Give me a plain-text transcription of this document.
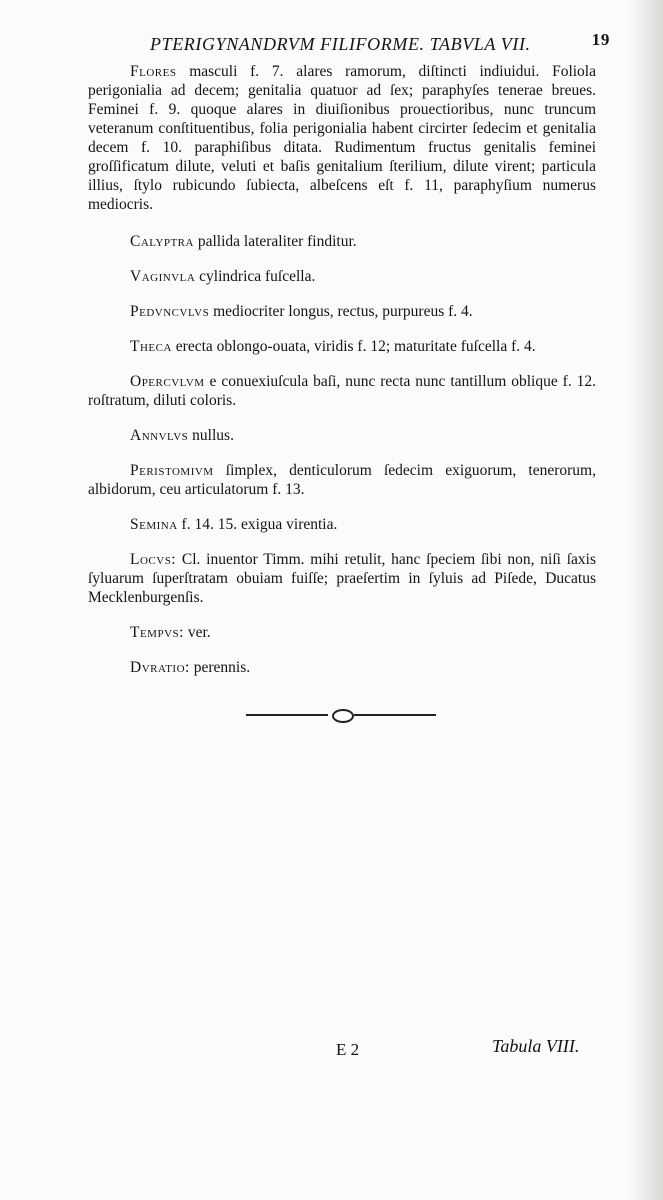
PTERIGYNANDRVM FILIFORME. TABVLA VII.	19

Flores masculi f. 7. alares ramorum, diſtincti indiuidui. Foliola perigonialia ad decem; genitalia quatuor ad ſex; paraphyſes tenerae breues. Feminei f. 9. quoque alares in diuiſionibus prouectioribus, nunc truncum veteranum conſtituentibus, folia perigonialia habent circirter ſedecim et genitalia decem f. 10. paraphiſibus ditata. Rudimentum fructus genitalis feminei groſſificatum dilute, veluti et baſis genitalium ſterilium, dilute virent; particula illius, ſtylo rubicundo ſubiecta, albeſcens eſt f. 11, paraphyſium numerus mediocris.

Calyptra pallida lateraliter finditur.

Vaginvla cylindrica fuſcella.

Pedvncvlvs mediocriter longus, rectus, purpureus f. 4.

Theca erecta oblongo-ouata, viridis f. 12; maturitate fuſcella f. 4.

Opercvlvm e conuexiuſcula baſi, nunc recta nunc tantillum oblique f. 12. roſtratum, diluti coloris.

Annvlvs nullus.

Peristomivm ſimplex, denticulorum ſedecim exiguorum, tenerorum, albidorum, ceu articulatorum f. 13.

Semina f. 14. 15. exigua virentia.

Locvs: Cl. inuentor Timm. mihi retulit, hanc ſpeciem ſibi non, niſi ſaxis ſyluarum ſuperſtratam obuiam fuiſſe; praeſertim in ſyluis ad Piſede, Ducatus Mecklenburgenſis.

Tempvs: ver.

Dvratio: perennis.

E 2	Tabula VIII.
